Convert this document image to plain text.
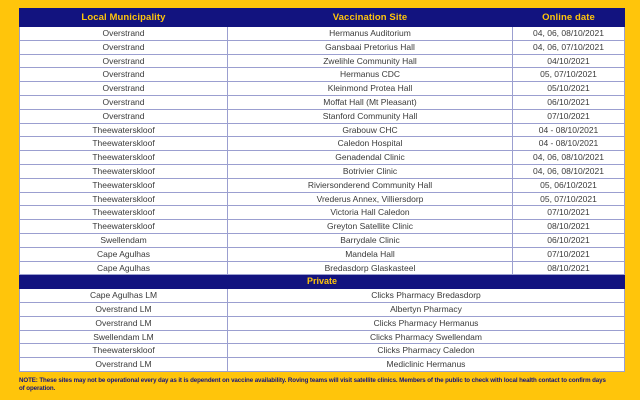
Local Municipality	Vaccination Site	Online date
Overstrand	Hermanus Auditorium	04, 06, 08/10/2021
Overstrand	Gansbaai Pretorius Hall	04, 06, 07/10/2021
Overstrand	Zwelihle Community Hall	04/10/2021
Overstrand	Hermanus CDC	05, 07/10/2021
Overstrand	Kleinmond Protea Hall	05/10/2021
Overstrand	Moffat Hall (Mt Pleasant)	06/10/2021
Overstrand	Stanford Community Hall	07/10/2021
Theewaterskloof	Grabouw CHC	04 - 08/10/2021
Theewaterskloof	Caledon Hospital	04 - 08/10/2021
Theewaterskloof	Genadendal Clinic	04, 06, 08/10/2021
Theewaterskloof	Botrivier Clinic	04, 06, 08/10/2021
Theewaterskloof	Riviersonderend Community Hall	05, 06/10/2021
Theewaterskloof	Vrederus Annex, Villiersdorp	05, 07/10/2021
Theewaterskloof	Victoria Hall Caledon	07/10/2021
Theewaterskloof	Greyton Satellite Clinic	08/10/2021
Swellendam	Barrydale Clinic	06/10/2021
Cape Agulhas	Mandela Hall	07/10/2021
Cape Agulhas	Bredasdorp Glaskasteel	08/10/2021
Private		
Cape Agulhas LM	Clicks Pharmacy Bredasdorp	
Overstrand LM	Albertyn Pharmacy	
Overstrand LM	Clicks Pharmacy Hermanus	
Swellendam LM	Clicks Pharmacy Swellendam	
Theewaterskloof	Clicks Pharmacy Caledon	
Overstrand LM	Mediclinic Hermanus	
NOTE: These sites may not be operational every day as it is dependent on vaccine availability. Roving teams will visit satellite clinics. Members of the public to check with local health contact to confirm days of operation.
